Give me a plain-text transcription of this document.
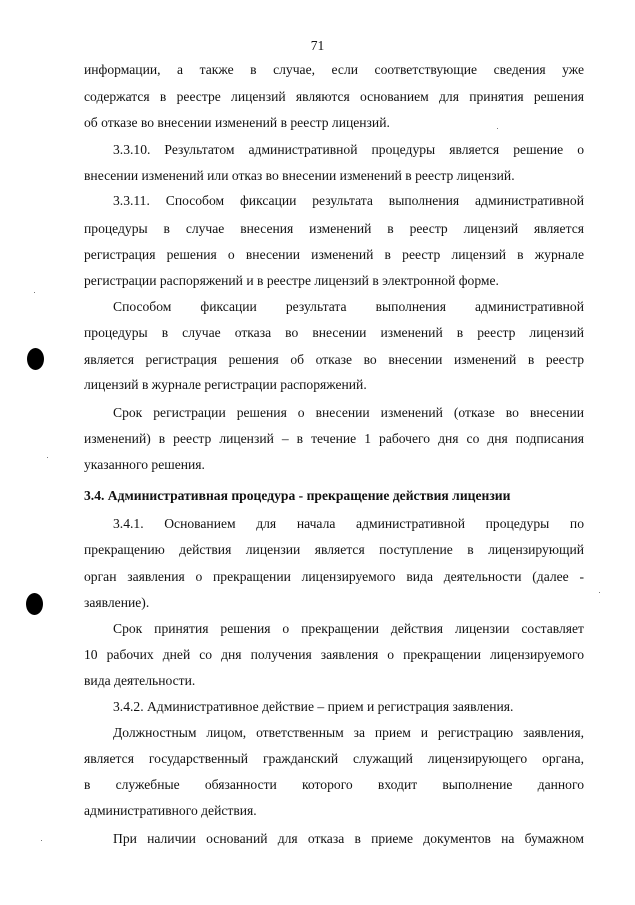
71
информации, а также в случае, если соответствующие сведения уже
содержатся в реестре лицензий являются основанием для принятия решения
об отказе во внесении изменений в реестр лицензий.
3.3.10. Результатом административной процедуры является решение о
внесении изменений или отказ во внесении изменений в реестр лицензий.
3.3.11. Способом фиксации результата выполнения административной
процедуры в случае внесения изменений в реестр лицензий является
регистрация решения о внесении изменений в реестр лицензий в журнале
регистрации распоряжений и в реестре лицензий в электронной форме.
Способом фиксации результата выполнения административной
процедуры в случае отказа во внесении изменений в реестр лицензий
является регистрация решения об отказе во внесении изменений в реестр
лицензий в журнале регистрации распоряжений.
Срок регистрации решения о внесении изменений (отказе во внесении
изменений) в реестр лицензий – в течение 1 рабочего дня со дня подписания
указанного решения.
3.4. Административная процедура - прекращение действия лицензии
3.4.1. Основанием для начала административной процедуры по
прекращению действия лицензии является поступление в лицензирующий
орган заявления о прекращении лицензируемого вида деятельности (далее -
заявление).
Срок принятия решения о прекращении действия лицензии составляет
10 рабочих дней со дня получения заявления о прекращении лицензируемого
вида деятельности.
3.4.2. Административное действие – прием и регистрация заявления.
Должностным лицом, ответственным за прием и регистрацию заявления,
является государственный гражданский служащий лицензирующего органа,
в служебные обязанности которого входит выполнение данного
административного действия.
При наличии оснований для отказа в приеме документов на бумажном
